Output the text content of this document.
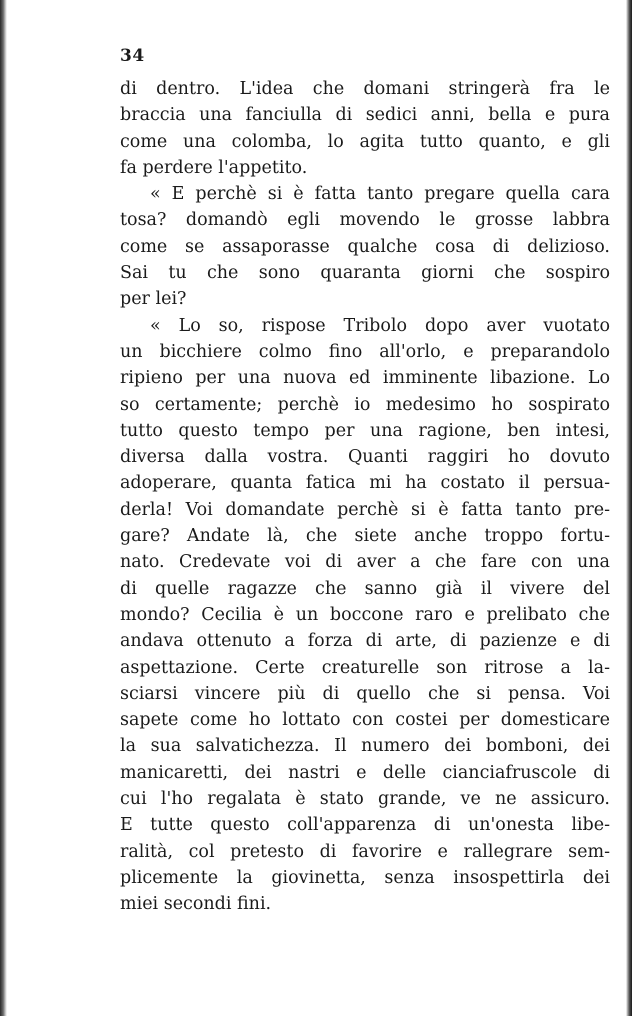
34
di dentro. L'idea che domani stringerà fra le
braccia una fanciulla di sedici anni, bella e pura
come una colomba, lo agita tutto quanto, e gli
fa perdere l'appetito.
« E perchè si è fatta tanto pregare quella cara
tosa? domandò egli movendo le grosse labbra
come se assaporasse qualche cosa di delizioso.
Sai tu che sono quaranta giorni che sospiro
per lei?
« Lo so, rispose Tribolo dopo aver vuotato
un bicchiere colmo fino all'orlo, e preparandolo
ripieno per una nuova ed imminente libazione. Lo
so certamente; perchè io medesimo ho sospirato
tutto questo tempo per una ragione, ben intesi,
diversa dalla vostra. Quanti raggiri ho dovuto
adoperare, quanta fatica mi ha costato il persua-
derla! Voi domandate perchè si è fatta tanto pre-
gare? Andate là, che siete anche troppo fortu-
nato. Credevate voi di aver a che fare con una
di quelle ragazze che sanno già il vivere del
mondo? Cecilia è un boccone raro e prelibato che
andava ottenuto a forza di arte, di pazienze e di
aspettazione. Certe creaturelle son ritrose a la-
sciarsi vincere più di quello che si pensa. Voi
sapete come ho lottato con costei per domesticare
la sua salvatichezza. Il numero dei bomboni, dei
manicaretti, dei nastri e delle cianciafruscole di
cui l'ho regalata è stato grande, ve ne assicuro.
E tutte questo coll'apparenza di un'onesta libe-
ralità, col pretesto di favorire e rallegrare sem-
plicemente la giovinetta, senza insospettirla dei
miei secondi fini.
